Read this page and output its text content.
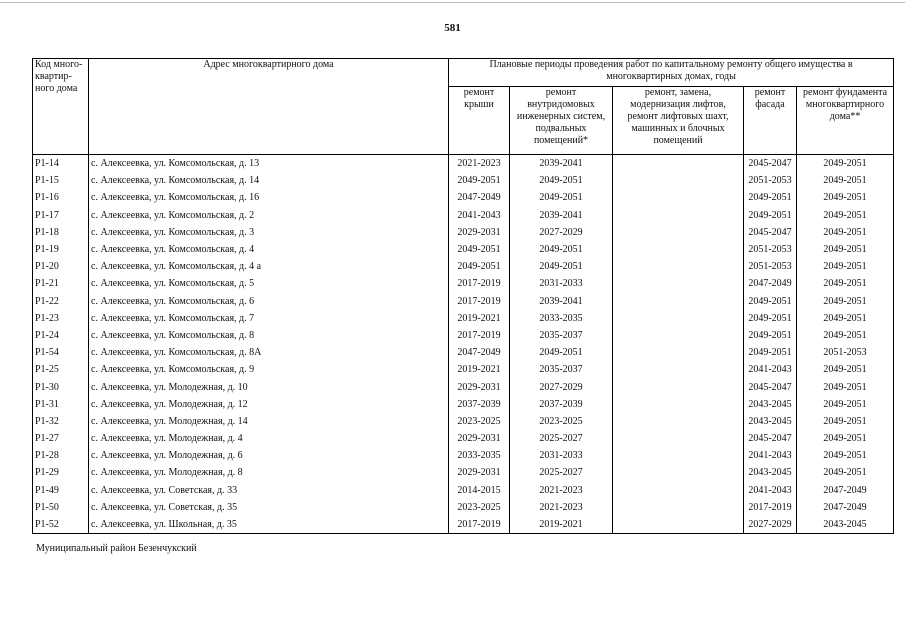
581
Код много-квартир-ного дома	Адрес многоквартирного дома	Плановые периоды проведения работ по капитальному ремонту общего имущества в многоквартирных домах, годы				
		ремонт крыши	ремонт внутридомовых инженерных систем, подвальных помещений*	ремонт, замена, модернизация лифтов, ремонт лифтовых шахт, машинных и блочных помещений	ремонт фасада	ремонт фундамента многоквартирного дома**
Р1-14	с. Алексеевка, ул. Комсомольская, д. 13	2021-2023	2039-2041		2045-2047	2049-2051
Р1-15	с. Алексеевка, ул. Комсомольская, д. 14	2049-2051	2049-2051		2051-2053	2049-2051
Р1-16	с. Алексеевка, ул. Комсомольская, д. 16	2047-2049	2049-2051		2049-2051	2049-2051
Р1-17	с. Алексеевка, ул. Комсомольская, д. 2	2041-2043	2039-2041		2049-2051	2049-2051
Р1-18	с. Алексеевка, ул. Комсомольская, д. 3	2029-2031	2027-2029		2045-2047	2049-2051
Р1-19	с. Алексеевка, ул. Комсомольская, д. 4	2049-2051	2049-2051		2051-2053	2049-2051
Р1-20	с. Алексеевка, ул. Комсомольская, д. 4 а	2049-2051	2049-2051		2051-2053	2049-2051
Р1-21	с. Алексеевка, ул. Комсомольская, д. 5	2017-2019	2031-2033		2047-2049	2049-2051
Р1-22	с. Алексеевка, ул. Комсомольская, д. 6	2017-2019	2039-2041		2049-2051	2049-2051
Р1-23	с. Алексеевка, ул. Комсомольская, д. 7	2019-2021	2033-2035		2049-2051	2049-2051
Р1-24	с. Алексеевка, ул. Комсомольская, д. 8	2017-2019	2035-2037		2049-2051	2049-2051
Р1-54	с. Алексеевка, ул. Комсомольская, д. 8А	2047-2049	2049-2051		2049-2051	2051-2053
Р1-25	с. Алексеевка, ул. Комсомольская, д. 9	2019-2021	2035-2037		2041-2043	2049-2051
Р1-30	с. Алексеевка, ул. Молодежная, д. 10	2029-2031	2027-2029		2045-2047	2049-2051
Р1-31	с. Алексеевка, ул. Молодежная, д. 12	2037-2039	2037-2039		2043-2045	2049-2051
Р1-32	с. Алексеевка, ул. Молодежная, д. 14	2023-2025	2023-2025		2043-2045	2049-2051
Р1-27	с. Алексеевка, ул. Молодежная, д. 4	2029-2031	2025-2027		2045-2047	2049-2051
Р1-28	с. Алексеевка, ул. Молодежная, д. 6	2033-2035	2031-2033		2041-2043	2049-2051
Р1-29	с. Алексеевка, ул. Молодежная, д. 8	2029-2031	2025-2027		2043-2045	2049-2051
Р1-49	с. Алексеевка, ул. Советская, д. 33	2014-2015	2021-2023		2041-2043	2047-2049
Р1-50	с. Алексеевка, ул. Советская, д. 35	2023-2025	2021-2023		2017-2019	2047-2049
Р1-52	с. Алексеевка, ул. Школьная, д. 35	2017-2019	2019-2021		2027-2029	2043-2045
Муниципальный район Безенчукский
